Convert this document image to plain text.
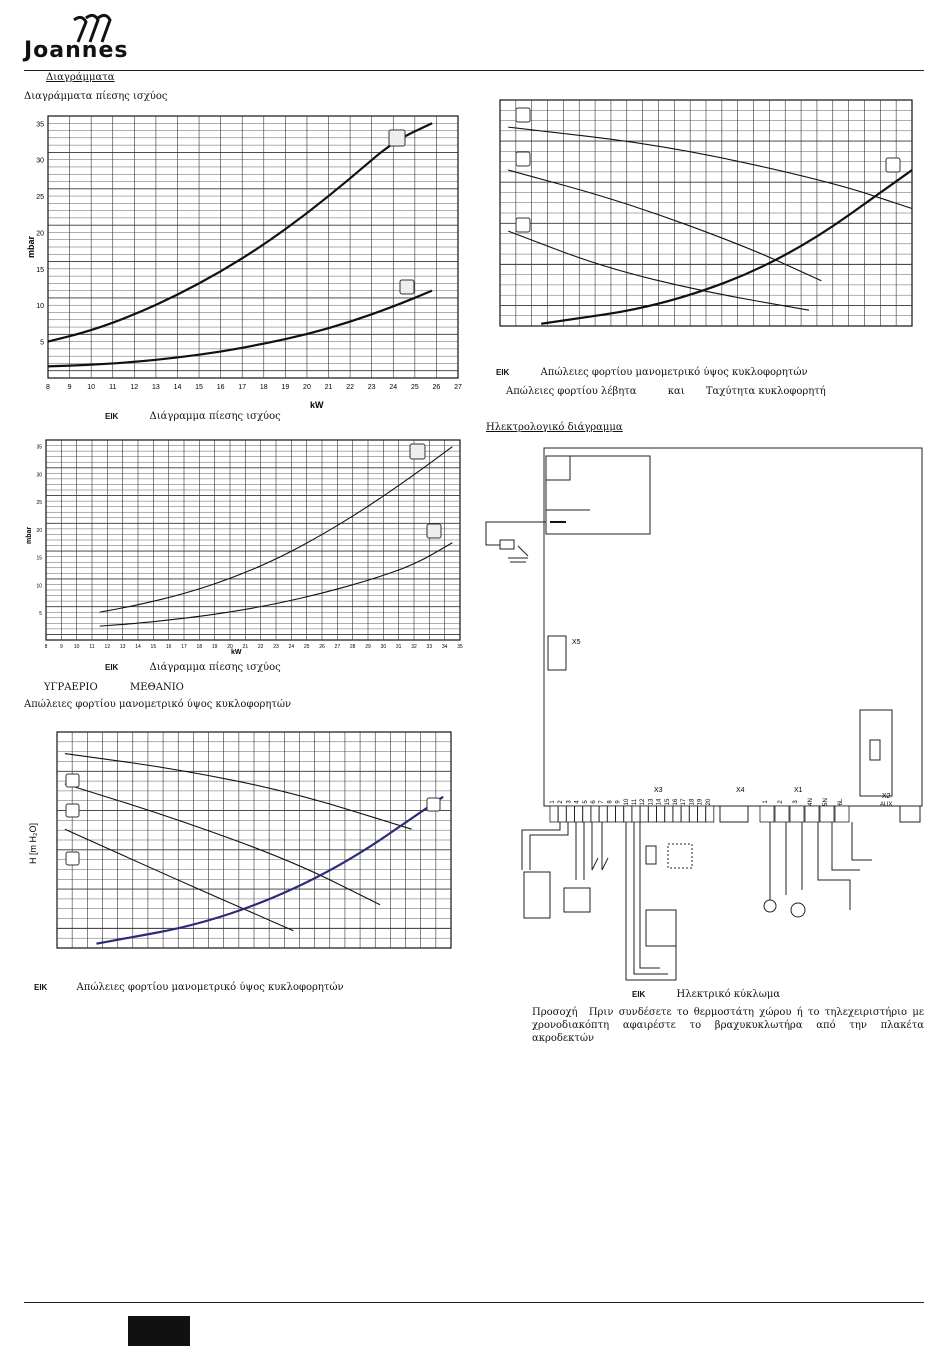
Joannes
Διαγράμματα
Διαγράμματα πίεσης ισχύος
mbar
kW
8	9 10 11 12 13 14 15 16 17 18 19 20 21 22 23 24 25 26 27
5
10
15
20
25
30
35
ΕΙΚ	Διάγραμμα πίεσης ισχύος
mbar
kW
8	9 10 11 12 13 14 15 16 17 18 19 20 21 22 23 24 25 26 27 28 29 30 31 32 33 34 35
5
10
15
20
25
30
35
ΕΙΚ	Διάγραμμα πίεσης ισχύος
ΥΓΡΑΕΡΙΟ	ΜΕΘΑΝΙΟ
Απώλειες φορτίου μανομετρικό ύψος κυκλοφορητών
H [m H₂O]
ΕΙΚ	Απώλειες φορτίου μανομετρικό ύψος κυκλοφορητών
ΕΙΚ	Απώλειες φορτίου μανομετρικό ύψος κυκλοφορητών
Απώλειες φορτίου λέβητα	και Ταχύτητα κυκλοφορητή
Ηλεκτρολογικό διάγραμμα
X5
X3	X4	X1
X2
AUX
1 2 3 4 5 6 7 8 9 10 11 12 13 14 15 16 17 18 19 20	1 2 3 4N 5N 6L
ΕΙΚ	Ηλεκτρικό κύκλωμα
Προσοχή Πριν συνδέσετε το θερμοστάτη χώρου ή το τηλεχειριστήριο με χρονοδιακόπτη αφαιρέστε το βραχυκυκλωτήρα από την πλακέτα ακροδεκτών
